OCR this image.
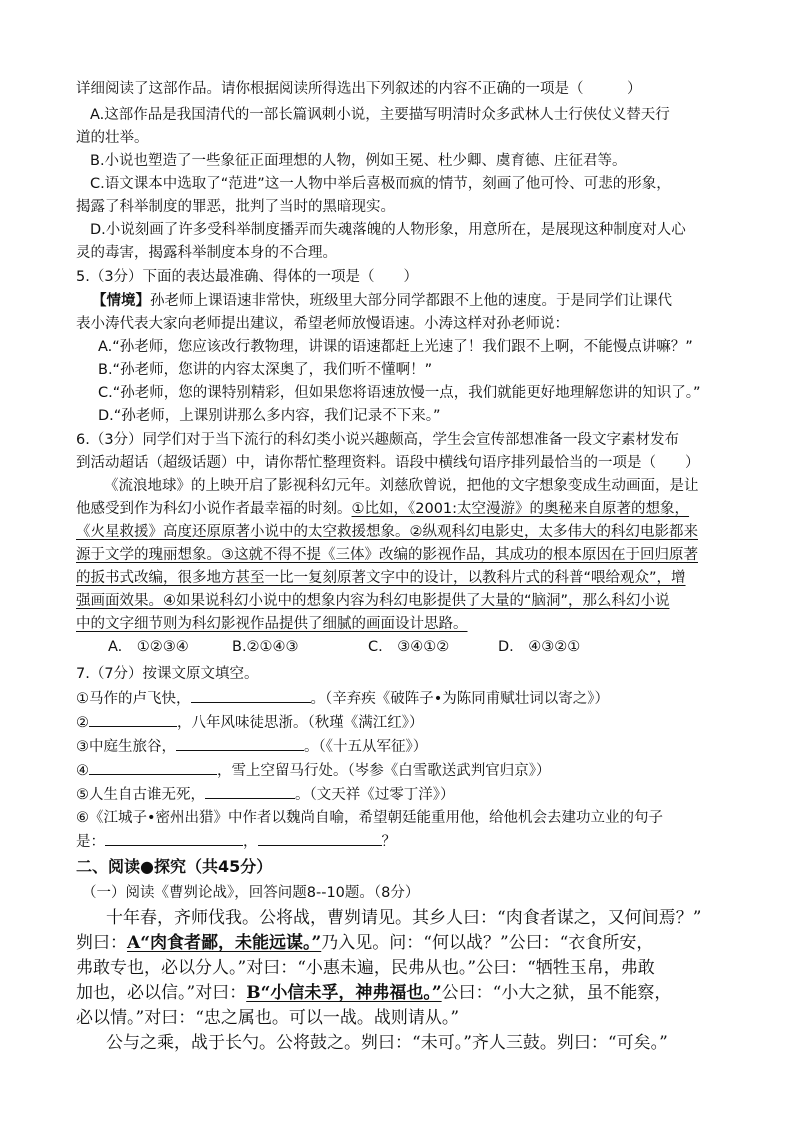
详细阅读了这部作品。请你根据阅读所得选出下列叙述的内容不正确的一项是（　　　）
A.这部作品是我国清代的一部长篇讽刺小说，主要描写明清时众多武林人士行侠仗义替天行
道的壮举。
B.小说也塑造了一些象征正面理想的人物，例如王冕、杜少卿、虞育德、庄征君等。
C.语文课本中选取了“范进”这一人物中举后喜极而疯的情节，刻画了他可怜、可悲的形象，
揭露了科举制度的罪恶，批判了当时的黑暗现实。
D.小说刻画了许多受科举制度播弄而失魂落魄的人物形象，用意所在，是展现这种制度对人心
灵的毒害，揭露科举制度本身的不合理。
5.（3分）下面的表达最准确、得体的一项是（　　）
【情境】孙老师上课语速非常快，班级里大部分同学都跟不上他的速度。于是同学们让课代
表小涛代表大家向老师提出建议，希望老师放慢语速。小涛这样对孙老师说：
A.“孙老师，您应该改行教物理，讲课的语速都赶上光速了！我们跟不上啊，不能慢点讲嘛？”
B.“孙老师，您讲的内容太深奥了，我们听不懂啊！”
C.“孙老师，您的课特别精彩，但如果您将语速放慢一点，我们就能更好地理解您讲的知识了。”
D.“孙老师，上课别讲那么多内容，我们记录不下来。”
6.（3分）同学们对于当下流行的科幻类小说兴趣颇高，学生会宣传部想准备一段文字素材发布
到活动超话（超级话题）中，请你帮忙整理资料。语段中横线句语序排列最恰当的一项是（　　）
《流浪地球》的上映开启了影视科幻元年。刘慈欣曾说，把他的文字想象变成生动画面，是让
他感受到作为科幻小说作者最幸福的时刻。①比如，《2001:太空漫游》的奥秘来自原著的想象，
《火星救援》高度还原原著小说中的太空救援想象。②纵观科幻电影史，太多伟大的科幻电影都来
源于文学的瑰丽想象。③这就不得不提《三体》改编的影视作品，其成功的根本原因在于回归原著
的扳书式改编，很多地方甚至一比一复刻原著文字中的设计，以教科片式的科普“喂给观众”，增
强画面效果。④如果说科幻小说中的想象内容为科幻电影提供了大量的“脑洞”，那么科幻小说
中的文字细节则为科幻影视作品提供了细腻的画面设计思路。
A.　①②③④	B.②①④③	C.　③④①②	D.　④③②①
7.（7分）按课文原文填空。
①马作的卢飞快，	。（辛弃疾《破阵子•为陈同甫赋壮词以寄之》）
②	，八年风味徒思浙。（秋瑾《满江红》）
③中庭生旅谷，	。（《十五从军征》）
④	，雪上空留马行处。（岑参《白雪歌送武判官归京》）
⑤人生自古谁无死，	。（文天祥《过零丁洋》）
⑥《江城子•密州出猎》中作者以魏尚自喻，希望朝廷能重用他，给他机会去建功立业的句子
是：	，	？
二、阅读●探究（共45分）
（一）阅读《曹刿论战》，回答问题8--10题。（8分）
十年春，齐师伐我。公将战，曹刿请见。其乡人曰：“肉食者谋之，又何间焉？”
刿曰：A“肉食者鄙，未能远谋。”乃入见。问：“何以战？”公曰：“衣食所安，
弗敢专也，必以分人。”对曰：“小惠未遍，民弗从也。”公曰：“牺牲玉帛，弗敢
加也，必以信。”对曰：B“小信未孚，神弗福也。”公曰：“小大之狱，虽不能察，
必以情。”对曰：“忠之属也。可以一战。战则请从。”
公与之乘，战于长勺。公将鼓之。刿曰：“未可。”齐人三鼓。刿曰：“可矣。”
